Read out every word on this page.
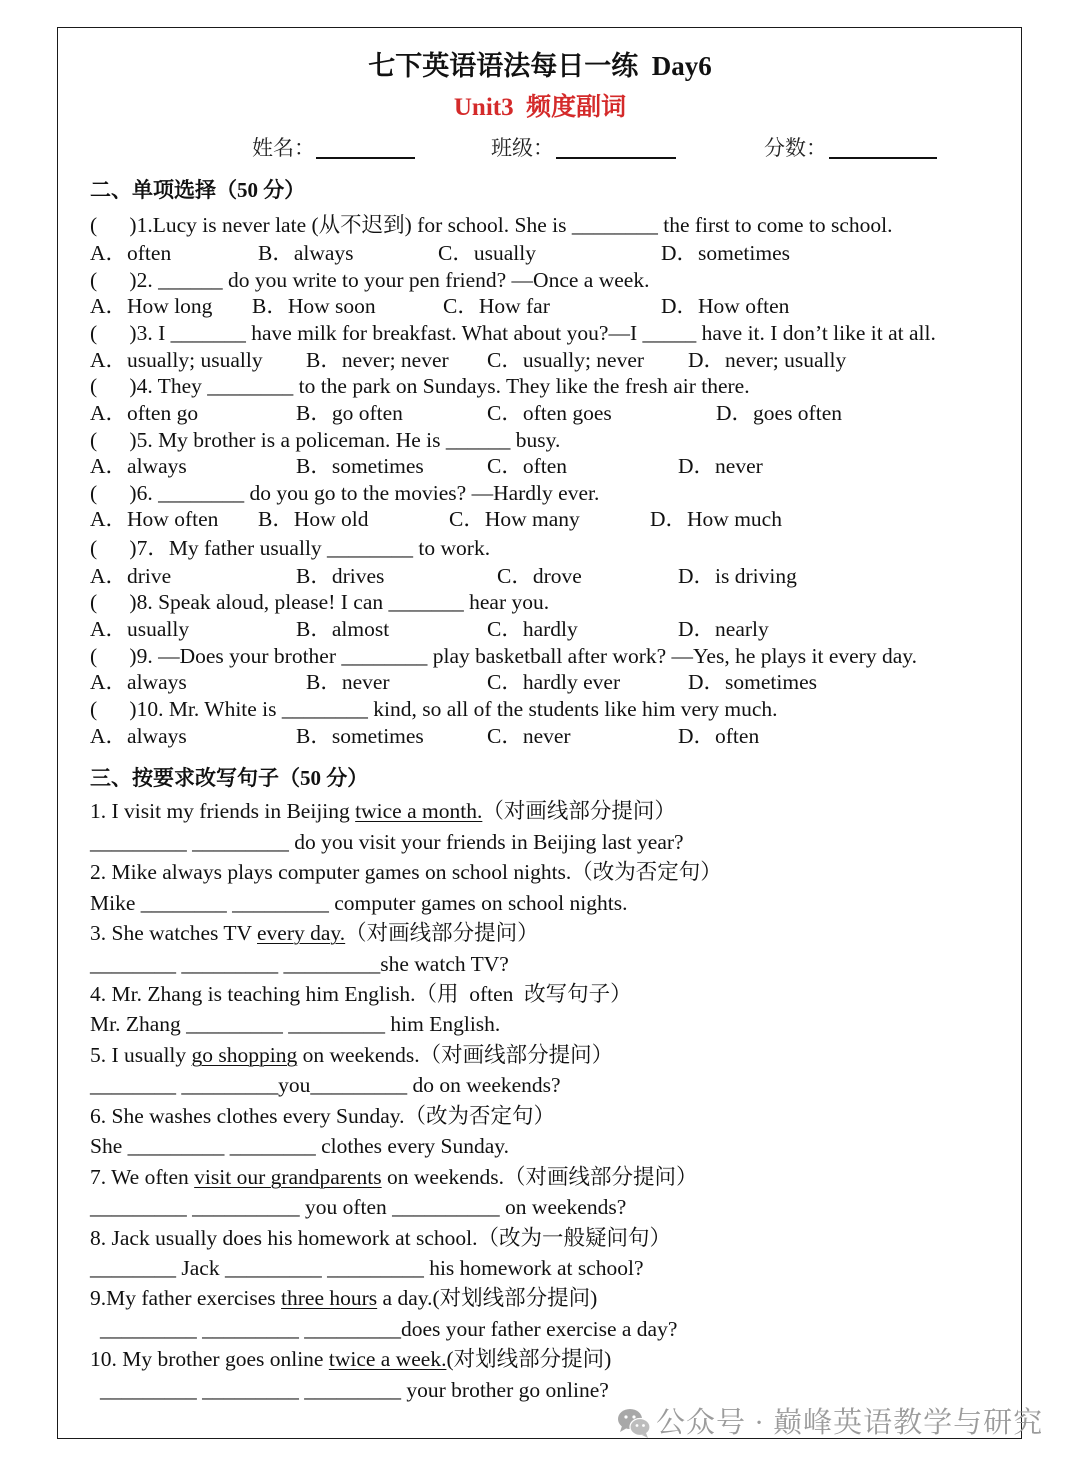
七下英语语法每日一练  Day6
Unit3  频度副词
姓名：	班级：	分数：
二、单项选择（50 分）
(      )1.Lucy is never late (从不迟到) for school. She is ________ the first to come to school.
A．often	B．always	C．usually	D．sometimes
(      )2. ______ do you write to your pen friend? —Once a week.
A．How long B．How soon	C．How far	D．How often
(      )3. I _______ have milk for breakfast. What about you?—I _____ have it. I don’t like it at all.
A．usually; usually B．never; never C．usually; never D．never; usually
(      )4. They ________ to the park on Sundays. They like the fresh air there.
A．often go	B．go often	C．often goes	D．goes often
(      )5. My brother is a policeman. He is ______ busy.
A．always	B．sometimes	C．often	D．never
(      )6. ________ do you go to the movies? —Hardly ever.
A．How often B．How old	C．How many	D．How much
(      )7．My father usually ________ to work.
A．drive	B．drives	C．drove	D．is driving
(      )8. Speak aloud, please! I can _______ hear you.
A．usually	B．almost	C．hardly	D．nearly
(      )9. —Does your brother ________ play basketball after work? —Yes, he plays it every day.
A．always	B．never	C．hardly ever	D．sometimes
(      )10. Mr. White is ________ kind, so all of the students like him very much.
A．always	B．sometimes	C．never	D．often
三、按要求改写句子（50 分）
1. I visit my friends in Beijing twice a month.（对画线部分提问）
_________ _________ do you visit your friends in Beijing last year?
2. Mike always plays computer games on school nights.（改为否定句）
Mike ________ _________ computer games on school nights.
3. She watches TV every day.（对画线部分提问）
________ _________ _________she watch TV?
4. Mr. Zhang is teaching him English.（用  often  改写句子）
Mr. Zhang _________ _________ him English.
5. I usually go shopping on weekends.（对画线部分提问）
________ _________you_________ do on weekends?
6. She washes clothes every Sunday.（改为否定句）
She _________ ________ clothes every Sunday.
7. We often visit our grandparents on weekends.（对画线部分提问）
_________ __________ you often __________ on weekends?
8. Jack usually does his homework at school.（改为一般疑问句）
________ Jack _________ _________ his homework at school?
9.My father exercises three hours a day.(对划线部分提问)
_________ _________ _________does your father exercise a day?
10. My brother goes online twice a week.(对划线部分提问)
_________ _________ _________ your brother go online?
公众号 · 巅峰英语教学与研究
